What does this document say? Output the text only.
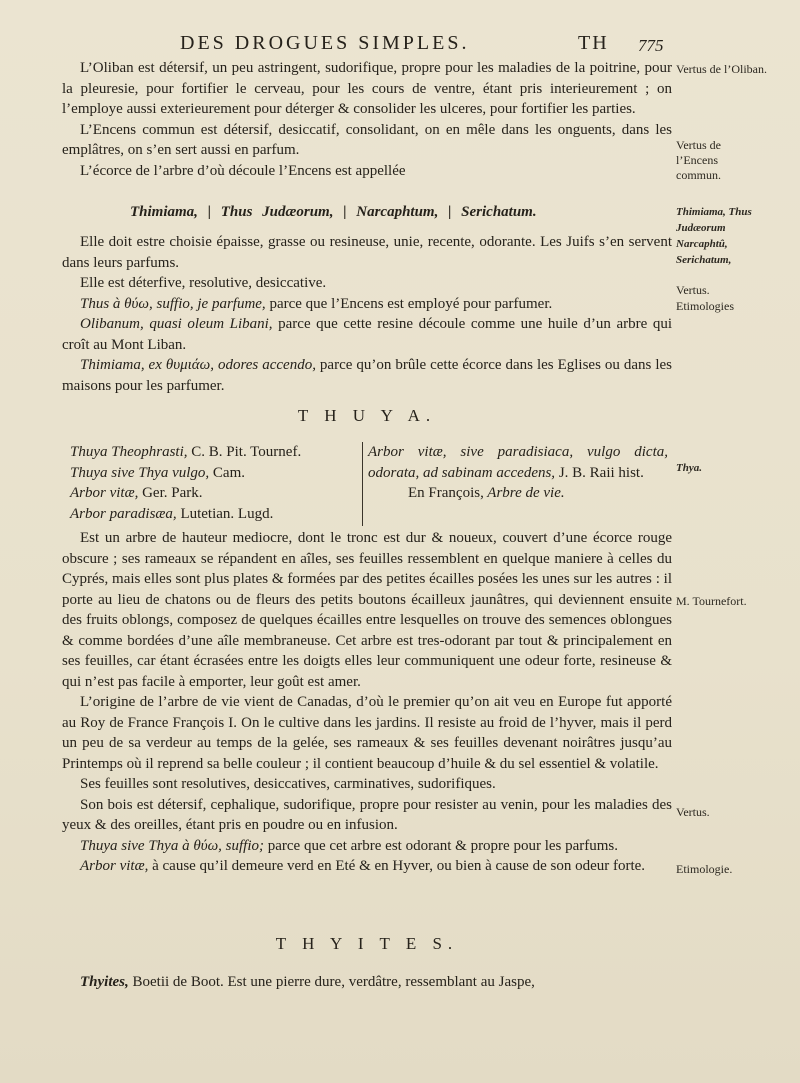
DES DROGUES SIMPLES.	TH 775

L’Oliban est détersif, un peu astringent, sudorifique, propre pour les maladies de la poitrine, pour la pleuresie, pour fortifier le cerveau, pour les cours de ventre, étant pris interieurement ; on l’employe aussi exterieurement pour déterger & consolider les ulceres, pour fortifier les parties.

L’Encens commun est détersif, desiccatif, consolidant, on en mêle dans les onguents, dans les emplâtres, on s’en sert aussi en parfum.

L’écorce de l’arbre d’où découle l’Encens est appellée

Thimiama, | Thus Judæorum, | Narcaphtum, | Serichatum.

Elle doit estre choisie épaisse, grasse ou resineuse, unie, recente, odorante. Les Juifs s’en servent dans leurs parfums.

Elle est déterfive, resolutive, desiccative.

Thus à θύω, suffio, je parfume, parce que l’Encens est employé pour parfumer.

Olibanum, quasi oleum Libani, parce que cette resine découle comme une huile d’un arbre qui croît au Mont Liban.

Thimiama, ex θυμιάω, odores accendo, parce qu’on brûle cette écorce dans les Eglises ou dans les maisons pour les parfumer.

T H U Y A.
Thuya Theophrasti, C. B. Pit. Tournef.
Thuya sive Thya vulgo, Cam.
Arbor vitæ, Ger. Park.
Arbor paradisæa, Lutetian. Lugd.
Arbor vitæ, sive paradisiaca, vulgo dicta, odorata, ad sabinam accedens, J. B. Raii hist.
En François, Arbre de vie.

Est un arbre de hauteur mediocre, dont le tronc est dur & noueux, couvert d’une écorce rouge obscure ; ses rameaux se répandent en aîles, ses feuilles ressemblent en quelque maniere à celles du Cyprés, mais elles sont plus plates & formées par des petites écailles posées les unes sur les autres : il porte au lieu de chatons ou de fleurs des petits boutons écailleux jaunâtres, qui deviennent ensuite des fruits oblongs, composez de quelques écailles entre lesquelles on trouve des semences oblongues & comme bordées d’une aîle membraneuse. Cet arbre est tres-odorant par tout & principalement en ses feuilles, car étant écrasées entre les doigts elles leur communiquent une odeur forte, resineuse & qui n’est pas facile à emporter, leur goût est amer.

L’origine de l’arbre de vie vient de Canadas, d’où le premier qu’on ait veu en Europe fut apporté au Roy de France François I. On le cultive dans les jardins. Il resiste au froid de l’hyver, mais il perd un peu de sa verdeur au temps de la gelée, ses rameaux & ses feuilles devenant noirâtres jusqu’au Printemps où il reprend sa belle couleur ; il contient beaucoup d’huile & du sel essentiel & volatile.

Ses feuilles sont resolutives, desiccatives, carminatives, sudorifiques.

Son bois est détersif, cephalique, sudorifique, propre pour resister au venin, pour les maladies des yeux & des oreilles, étant pris en poudre ou en infusion.

Thuya sive Thya à θύω, suffio; parce que cet arbre est odorant & propre pour les parfums.

Arbor vitæ, à cause qu’il demeure verd en Eté & en Hyver, ou bien à cause de son odeur forte.

T H Y I T E S.

Thyites, Boetii de Boot. Est une pierre dure, verdâtre, ressemblant au Jaspe,

Vertus de l’Oliban.
Vertus de l’Encens commun.
Thimiama, Thus Judæorum Narcaphtû, Serichatum,
Vertus.
Etimologies
Thya.
M. Tournefort.
Vertus.
Etimologie.
